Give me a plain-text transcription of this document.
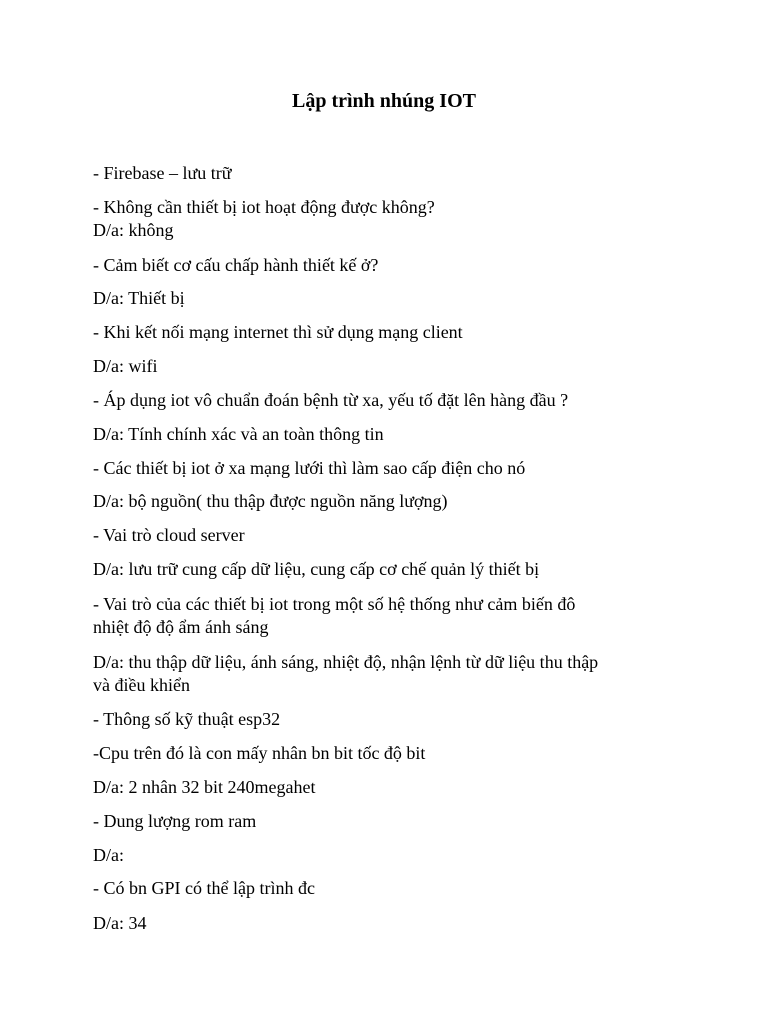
Lập trình nhúng IOT
- Firebase – lưu trữ
- Không cần thiết bị iot hoạt động được không?
D/a: không
- Cảm biết cơ cấu chấp hành thiết kế ở?
D/a: Thiết bị
- Khi kết nối mạng internet thì sử dụng mạng client
D/a: wifi
- Áp dụng iot vô chuẩn đoán bệnh từ xa, yếu tố đặt lên hàng đầu ?
D/a: Tính chính xác và an toàn thông tin
- Các thiết bị iot ở xa mạng lưới thì làm sao cấp điện cho nó
D/a: bộ nguồn( thu thập được nguồn năng lượng)
- Vai trò cloud server
D/a: lưu trữ cung cấp dữ liệu, cung cấp cơ chế quản lý thiết bị
- Vai trò của các thiết bị iot trong một số hệ thống như cảm biến đô
nhiệt độ độ ẩm ánh sáng
D/a: thu thập dữ liệu, ánh sáng, nhiệt độ, nhận lệnh từ dữ liệu thu thập
và điều khiển
- Thông số kỹ thuật esp32
-Cpu trên đó là con mấy nhân bn bit tốc độ bit
D/a: 2 nhân 32 bit 240megahet
- Dung lượng rom ram
D/a:
- Có bn GPI có thể lập trình đc
D/a: 34
